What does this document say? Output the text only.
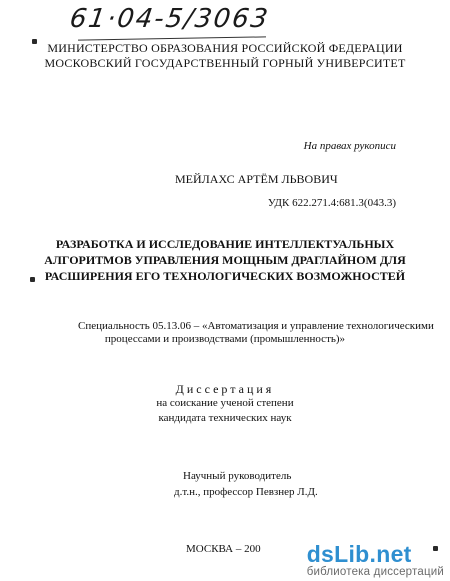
61·04-5/3063
МИНИСТЕРСТВО ОБРАЗОВАНИЯ РОССИЙСКОЙ ФЕДЕРАЦИИ
МОСКОВСКИЙ ГОСУДАРСТВЕННЫЙ ГОРНЫЙ УНИВЕРСИТЕТ
На правах рукописи
МЕЙЛАХС АРТЁМ ЛЬВОВИЧ
УДК 622.271.4:681.3(043.3)
РАЗРАБОТКА И ИССЛЕДОВАНИЕ ИНТЕЛЛЕКТУАЛЬНЫХ
АЛГОРИТМОВ УПРАВЛЕНИЯ МОЩНЫМ ДРАГЛАЙНОМ ДЛЯ
РАСШИРЕНИЯ ЕГО ТЕХНОЛОГИЧЕСКИХ ВОЗМОЖНОСТЕЙ
Специальность 05.13.06 – «Автоматизация и управление технологическими
процессами и производствами (промышленность)»
Диссертация
на соискание ученой степени
кандидата технических наук
Научный руководитель
д.т.н., профессор Певзнер Л.Д.
МОСКВА – 200 dsLib.net
библиотека диссертаций
